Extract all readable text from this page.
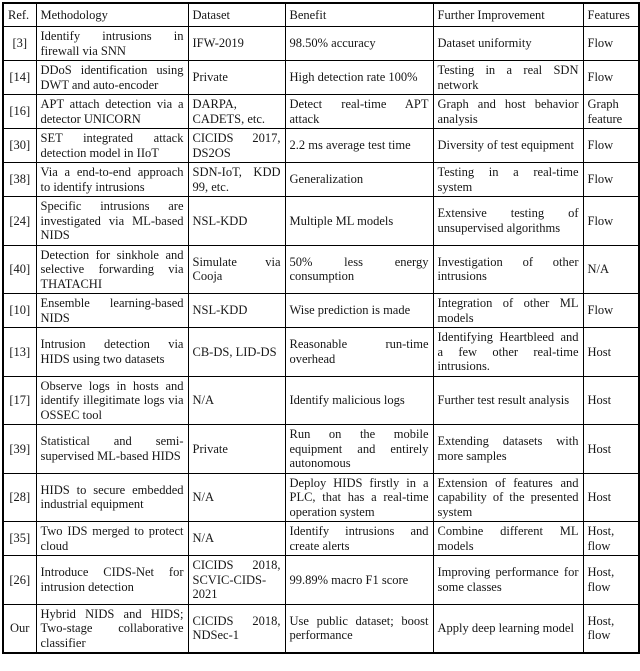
Ref.	Methodology	Dataset	Benefit	Further Improvement	Features
[3]	Identify intrusions in firewall via SNN	IFW-2019	98.50% accuracy	Dataset uniformity	Flow
[14]	DDoS identification using DWT and auto-encoder	Private	High detection rate 100%	Testing in a real SDN network	Flow
[16]	APT attach detection via a detector UNICORN	DARPA, CADETS, etc.	Detect real-time APT attack	Graph and host behavior analysis	Graph feature
[30]	SET integrated attack detection model in IIoT	CICIDS 2017, DS2OS	2.2 ms average test time	Diversity of test equipment	Flow
[38]	Via a end-to-end approach to identify intrusions	SDN-IoT, KDD 99, etc.	Generalization	Testing in a real-time system	Flow
[24]	Specific intrusions are investigated via ML-based NIDS	NSL-KDD	Multiple ML models	Extensive testing of unsupervised algorithms	Flow
[40]	Detection for sinkhole and selective forwarding via THATACHI	Simulate via Cooja	50% less energy consumption	Investigation of other intrusions	N/A
[10]	Ensemble learning-based NIDS	NSL-KDD	Wise prediction is made	Integration of other ML models	Flow
[13]	Intrusion detection via HIDS using two datasets	CB-DS, LID-DS	Reasonable run-time overhead	Identifying Heartbleed and a few other real-time intrusions.	Host
[17]	Observe logs in hosts and identify illegitimate logs via OSSEC tool	N/A	Identify malicious logs	Further test result analysis	Host
[39]	Statistical and semi-supervised ML-based HIDS	Private	Run on the mobile equipment and entirely autonomous	Extending datasets with more samples	Host
[28]	HIDS to secure embedded industrial equipment	N/A	Deploy HIDS firstly in a PLC, that has a real-time operation system	Extension of features and capability of the presented system	Host
[35]	Two IDS merged to protect cloud	N/A	Identify intrusions and create alerts	Combine different ML models	Host, flow
[26]	Introduce CIDS-Net for intrusion detection	CICIDS 2018, SCVIC-CIDS-2021	99.89% macro F1 score	Improving performance for some classes	Host, flow
Our	Hybrid NIDS and HIDS; Two-stage collaborative classifier	CICIDS 2018, NDSec-1	Use public dataset; boost performance	Apply deep learning model	Host, flow
